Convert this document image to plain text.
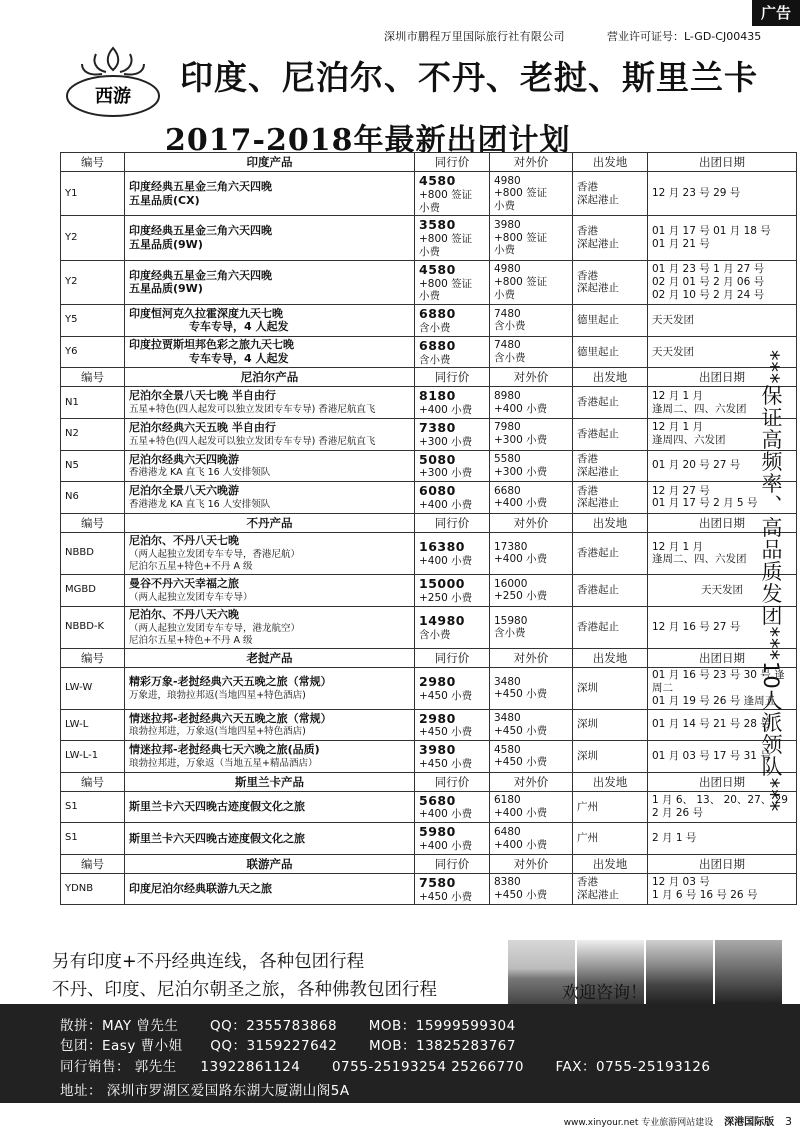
广告
深圳市鹏程万里国际旅行社有限公司	营业许可证号：L-GD-CJ00435
西游 印度、尼泊尔、不丹、老挝、斯里兰卡
2017-2018年最新出团计划
编号	印度产品	同行价	对外价	出发地	出团日期
Y1	印度经典五星金三角六天四晚
五星品质(CX)	4580
+800 签证
小费	4980
+800 签证
小费	香港
深起港止	12 月 23 号 29 号
Y2	印度经典五星金三角六天四晚
五星品质(9W)	3580
+800 签证
小费	3980
+800 签证
小费	香港
深起港止	01 月 17 号 01 月 18 号
01 月 21 号
Y2	印度经典五星金三角六天四晚
五星品质(9W)	4580
+800 签证
小费	4980
+800 签证
小费	香港
深起港止	01 月 23 号 1 月 27 号
02 月 01 号 2 月 06 号
02 月 10 号 2 月 24 号
Y5	印度恒河克久拉霍深度九天七晚
专车专导，4 人起发	6880
含小费	7480
含小费	德里起止	天天发团
Y6	印度拉贾斯坦邦色彩之旅九天七晚
专车专导，4 人起发	6880
含小费	7480
含小费	德里起止	天天发团
编号	尼泊尔产品	同行价	对外价	出发地	出团日期
N1	尼泊尔全景八天七晚 半自由行
五星+特色(四人起发可以独立发团专车专导) 香港尼航直飞	8180
+400 小费	8980
+400 小费	香港起止	12 月 1 月
逢周二、四、六发团
N2	尼泊尔经典六天五晚 半自由行
五星+特色(四人起发可以独立发团专车专导) 香港尼航直飞	7380
+300 小费	7980
+300 小费	香港起止	12 月 1 月
逢周四、六发团
N5	尼泊尔经典六天四晚游
香港港龙 KA 直飞 16 人安排领队	5080
+300 小费	5580
+300 小费	香港
深起港止	01 月 20 号 27 号
N6	尼泊尔全景八天六晚游
香港港龙 KA 直飞 16 人安排领队	6080
+400 小费	6680
+400 小费	香港
深起港止	12 月 27 号
01 月 17 号 2 月 5 号
编号	不丹产品	同行价	对外价	出发地	出团日期
NBBD	尼泊尔、不丹八天七晚
（两人起独立发团专车专导，香港尼航）
尼泊尔五星+特色+不丹 A 级	16380
+400 小费	17380
+400 小费	香港起止	12 月 1 月
逢周二、四、六发团
MGBD	曼谷不丹六天幸福之旅
（两人起独立发团专车专导）	15000
+250 小费	16000
+250 小费	香港起止	天天发团
NBBD-K	尼泊尔、不丹八天六晚
（两人起独立发团专车专导，港龙航空）
尼泊尔五星+特色+不丹 A 级	14980
含小费	15980
含小费	香港起止	12 月 16 号 27 号
编号	老挝产品	同行价	对外价	出发地	出团日期
LW-W	精彩万象-老挝经典六天五晚之旅（常规）
万象进，琅勃拉邦返(当地四星+特色酒店)	2980
+450 小费	3480
+450 小费	深圳	01 月 16 号 23 号 30 号 逢周二
01 月 19 号 26 号 逢周五
LW-L	情迷拉邦-老挝经典六天五晚之旅（常规）
琅勃拉邦进，万象返(当地四星+特色酒店)	2980
+450 小费	3480
+450 小费	深圳	01 月 14 号 21 号 28 号
LW-L-1	情迷拉邦-老挝经典七天六晚之旅(品质)
琅勃拉邦进，万象返（当地五星+精品酒店）	3980
+450 小费	4580
+450 小费	深圳	01 月 03 号 17 号 31 号
编号	斯里兰卡产品	同行价	对外价	出发地	出团日期
S1	斯里兰卡六天四晚古迹度假文化之旅	5680
+400 小费	6180
+400 小费	广州	1 月 6、 13、 20、27、 29
2 月 26 号
S1	斯里兰卡六天四晚古迹度假文化之旅	5980
+400 小费	6480
+400 小费	广州	2 月 1 号
编号	联游产品	同行价	对外价	出发地	出团日期
YDNB	印度尼泊尔经典联游九天之旅	7580
+450 小费	8380
+450 小费	香港
深起港止	12 月 03 号
1 月 6 号 16 号 26 号
***保证高频率、高品质发团***10人派领队***
另有印度+不丹经典连线，各种包团行程
不丹、印度、尼泊尔朝圣之旅，各种佛教包团行程	欢迎咨询！
散拼：MAY 曾先生 QQ：2355783868 MOB：15999599304
包团：Easy 曹小姐 QQ：3159227642 MOB：13825283767
同行销售： 郭先生 13922861124 0755-25193254 25266770 FAX：0755-25193126
地址： 深圳市罗湖区爱国路东湖大厦湖山阁5A
www.xinyour.net 专业旅游网站建设 深港国际版 3
